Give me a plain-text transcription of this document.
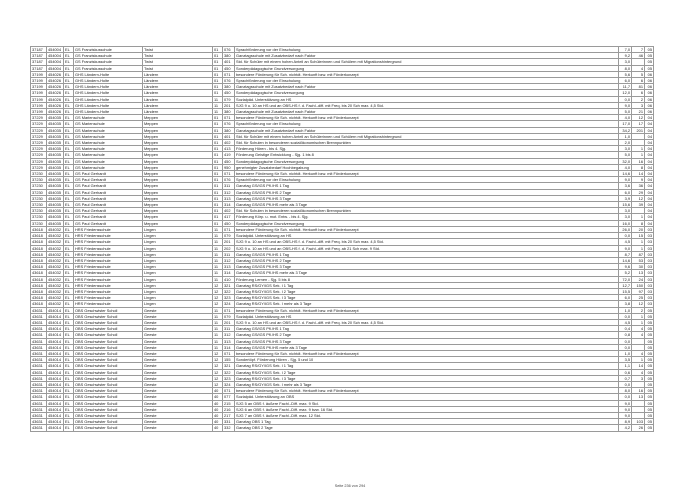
37187	454004	EL	GS Franziskusschule	Twist	01	076	Sprachförderung vor der Einschulung	7,0	7	05
37187	454004	EL	GS Franziskusschule	Twist	01	380	Ganztagsschule mit Zusatzbedarf nach Faktor	9,2	46	05
37187	454004	EL	GS Franziskusschule	Twist	01	401	Std. für Schüler mit einem hohen Anteil an Schülerinnen und Schülern mit Migrationshintergrund	3,0		05
37187	454004	EL	GS Franziskusschule	Twist	01	450	Sonderpädagogische Grundversorgung	8,0	4	05
37199	454026	EL	GHS Ländern-Holte	Ländern	01	071	besondere Förderung für Sch. nichtdt. Herkunft bzw. mit Förderkonzept	5,6	5	06
37199	454026	EL	GHS Ländern-Holte	Ländern	01	076	Sprachförderung vor der Einschulung	6,0	6	06
37199	454026	EL	GHS Ländern-Holte	Ländern	01	380	Ganztagsschule mit Zusatzbedarf nach Faktor	11,7	81	06
37199	454026	EL	GHS Ländern-Holte	Ländern	01	450	Sonderpädagogische Grundversorgung	12,0	6	06
37199	454026	EL	GHS Ländern-Holte	Ländern	11	079	Sozialpäd. Unterstützung an HS	0,0	2	06
37199	454026	EL	GHS Ländern-Holte	Ländern	11	201	SJG 9 u. 10 an HS und an OBS-HS f. d. Fachl.-diff. mit Freq. bis 20 Sch max. 4,5 Std.	9,0	3	06
37199	454026	EL	GHS Ländern-Holte	Ländern	11	380	Ganztagsschule mit Zusatzbedarf nach Faktor	5,0	21	06
37229	454035	EL	GS Marienschule	Meppen	01	071	besondere Förderung für Sch. nichtdt. Herkunft bzw. mit Förderkonzept	4,0	12	04
37229	454035	EL	GS Marienschule	Meppen	01	076	Sprachförderung vor der Einschulung	17,0	17	04
37229	454035	EL	GS Marienschule	Meppen	01	380	Ganztagsschule mit Zusatzbedarf nach Faktor	34,2	201	04
37229	454035	EL	GS Marienschule	Meppen	01	401	Std. für Schüler mit einem hohen Anteil an Schülerinnen und Schülern mit Migrationshintergrund	1,0		04
37229	454035	EL	GS Marienschule	Meppen	01	402	Std. für Schulen in besonderen sozialökonomischen Brennpunkten	2,0		04
37229	454035	EL	GS Marienschule	Meppen	01	413	Förderung Hören - bis 4. Sjg.	3,0	1	04
37229	454035	EL	GS Marienschule	Meppen	01	419	Förderung Geistige Entwicklung - Sjg. 1 bis 8	5,0	1	04
37229	454035	EL	GS Marienschule	Meppen	01	450	Sonderpädagogische Grundversorgung	32,0	16	04
37229	454035	EL	GS Marienschule	Meppen	01	950	genehmigter Zusatzbedarf Hochbegabung	4,0	8	04
37230	454035	EL	GS Paul Gerhardt	Meppen	01	071	besondere Förderung für Sch. nichtdt. Herkunft bzw. mit Förderkonzept	14,6	14	04
37230	454035	EL	GS Paul Gerhardt	Meppen	01	076	Sprachförderung vor der Einschulung	9,0	9	04
37230	454035	EL	GS Paul Gerhardt	Meppen	01	311	Ganztag GS/IGS Pfl./HS 1 Tag	3,6	36	04
37230	454035	EL	GS Paul Gerhardt	Meppen	01	312	Ganztag GS/IGS Pfl./HS 2 Tage	6,0	29	04
37230	454035	EL	GS Paul Gerhardt	Meppen	01	313	Ganztag GS/IGS Pfl./HS 3 Tage	3,9	12	04
37230	454035	EL	GS Paul Gerhardt	Meppen	01	314	Ganztag GS/IGS Pfl./HS mehr als 3 Tage	15,6	39	04
37230	454035	EL	GS Paul Gerhardt	Meppen	01	402	Std. für Schulen in besonderen sozialökonomischen Brennpunkten	3,0		04
37230	454035	EL	GS Paul Gerhardt	Meppen	01	417	Förderung Körp. u. mot. Entw. - bis 4. Sjg.	3,0	1	04
37230	454035	EL	GS Paul Gerhardt	Meppen	01	450	Sonderpädagogische Grundversorgung	16,0	8	04
43618	454032	EL	HRS Friedensschule	Lingen	11	071	besondere Förderung für Sch. nichtdt. Herkunft bzw. mit Förderkonzept	26,0	20	03
43618	454032	EL	HRS Friedensschule	Lingen	11	079	Sozialpäd. Unterstützung an HS	0,0	15	03
43618	454032	EL	HRS Friedensschule	Lingen	11	201	SJG 9 u. 10 an HS und an OBS-HS f. d. Fachl.-diff. mit Freq. bis 20 Sch max. 4,5 Std.	4,5	1	03
43618	454032	EL	HRS Friedensschule	Lingen	11	202	SJG 9 u. 10 an HS und an OBS-HS f. d. Fachl.-diff. mit Freq. ab 21 Sch max. 9 Std.	9,0	1	03
43618	454032	EL	HRS Friedensschule	Lingen	11	311	Ganztag GS/IGS Pfl./HS 1 Tag	8,7	87	03
43618	454032	EL	HRS Friedensschule	Lingen	11	312	Ganztag GS/IGS Pfl./HS 2 Tage	14,6	53	03
43618	454032	EL	HRS Friedensschule	Lingen	11	313	Ganztag GS/IGS Pfl./HS 3 Tage	9,6	30	03
43618	454032	EL	HRS Friedensschule	Lingen	11	314	Ganztag GS/IGS Pfl./HS mehr als 3 Tage	5,2	13	03
43618	454032	EL	HRS Friedensschule	Lingen	11	410	Förderung Lernen - Sjg. 5 bis 8	72,0	24	03
43618	454032	EL	HRS Friedensschule	Lingen	12	321	Ganztag RS/GY/IGS Sek. I 1 Tag	12,7	150	03
43618	454032	EL	HRS Friedensschule	Lingen	12	322	Ganztag RS/GY/IGS Sek. I 2 Tage	15,5	97	03
43618	454032	EL	HRS Friedensschule	Lingen	12	323	Ganztag RS/GY/IGS Sek. I 3 Tage	6,0	25	03
43618	454032	EL	HRS Friedensschule	Lingen	12	324	Ganztag RS/GY/IGS Sek. I mehr als 3 Tage	3,8	12	03
43631	454014	EL	OBS Geschwister Scholl	Geeste	11	071	besondere Förderung für Sch. nichtdt. Herkunft bzw. mit Förderkonzept	1,0	2	05
43631	454014	EL	OBS Geschwister Scholl	Geeste	11	079	Sozialpäd. Unterstützung an HS	0,0	1	05
43631	454014	EL	OBS Geschwister Scholl	Geeste	11	201	SJG 9 u. 10 an HS und an OBS-HS f. d. Fachl.-diff. mit Freq. bis 20 Sch max. 4,5 Std.	4,5	1	05
43631	454014	EL	OBS Geschwister Scholl	Geeste	11	311	Ganztag GS/IGS Pfl./HS 1 Tag	0,4	4	05
43631	454014	EL	OBS Geschwister Scholl	Geeste	11	312	Ganztag GS/IGS Pfl./HS 2 Tage	0,8	4	05
43631	454014	EL	OBS Geschwister Scholl	Geeste	11	313	Ganztag GS/IGS Pfl./HS 3 Tage	0,0		05
43631	454014	EL	OBS Geschwister Scholl	Geeste	11	314	Ganztag GS/IGS Pfl./HS mehr als 3 Tage	0,0		05
43631	454014	EL	OBS Geschwister Scholl	Geeste	12	071	besondere Förderung für Sch. nichtdt. Herkunft bzw. mit Förderkonzept	1,0	4	05
43631	454014	EL	OBS Geschwister Scholl	Geeste	12	155	Sondertöpf. Förderung Hören - Sjg. 5 und 10	3,5	1	05
43631	454014	EL	OBS Geschwister Scholl	Geeste	12	321	Ganztag RS/GY/IGS Sek. I 1 Tag	1,1	14	05
43631	454014	EL	OBS Geschwister Scholl	Geeste	12	322	Ganztag RS/GY/IGS Sek. I 2 Tage	0,6	4	05
43631	454014	EL	OBS Geschwister Scholl	Geeste	12	323	Ganztag RS/GY/IGS Sek. I 3 Tage	0,7	3	05
43631	454014	EL	OBS Geschwister Scholl	Geeste	12	324	Ganztag RS/GY/IGS Sek. I mehr als 3 Tage	0,0		05
43631	454014	EL	OBS Geschwister Scholl	Geeste	40	071	besondere Förderung für Sch. nichtdt. Herkunft bzw. mit Förderkonzept	8,0	16	05
43631	454014	EL	OBS Geschwister Scholl	Geeste	40	077	Sozialpäd. Unterstützung an OBS	0,0	13	05
43631	454014	EL	OBS Geschwister Scholl	Geeste	40	215	SJG 5 an OBS f. äußere Fachl.-Diff. max. 9 Std.	9,0		05
43631	454014	EL	OBS Geschwister Scholl	Geeste	40	216	SJG 6 an OBS f. äußere Fachl.-Diff. max. 9 bzw. 16 Std.	9,0		05
43631	454014	EL	OBS Geschwister Scholl	Geeste	40	217	SJG 7 an OBS f. äußere Fachl.-Diff. max. 12 Std.	9,0		05
43631	454014	EL	OBS Geschwister Scholl	Geeste	40	331	Ganztag OBS 1 Tag	8,9	103	05
43631	454014	EL	OBS Geschwister Scholl	Geeste	40	332	Ganztag OBS 2 Tage	4,2	26	05
Seite 236 von 294
